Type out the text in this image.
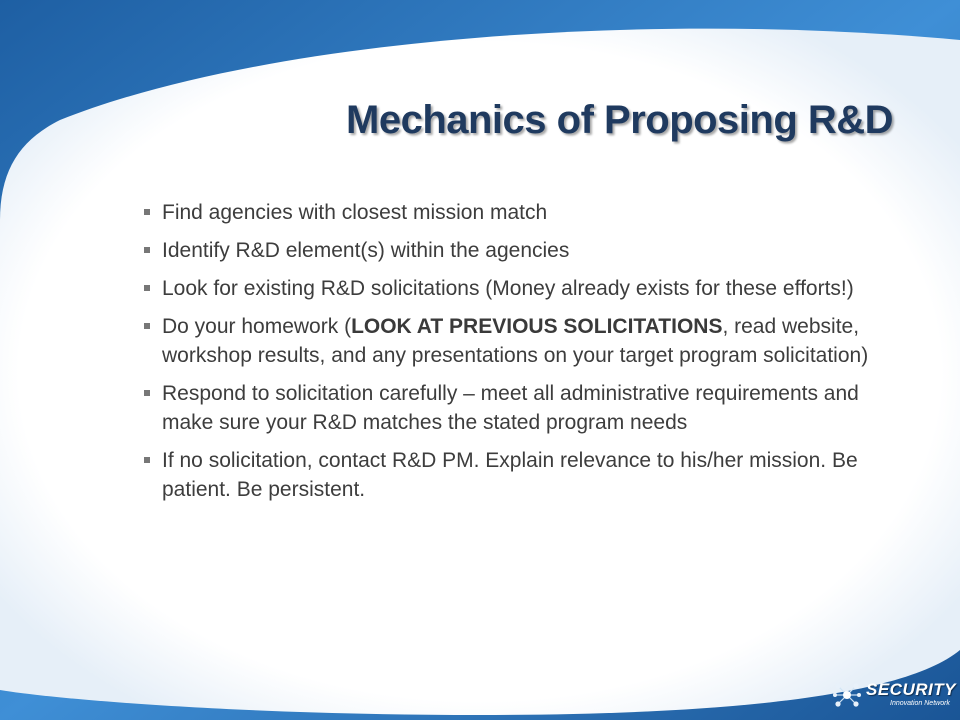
Mechanics of Proposing R&D
Find agencies with closest mission match
Identify R&D element(s) within the agencies
Look for existing R&D solicitations (Money already exists for these efforts!)
Do your homework (LOOK AT PREVIOUS SOLICITATIONS, read website, workshop results, and any presentations on your target program solicitation)
Respond to solicitation carefully – meet all administrative requirements and make sure your R&D matches the stated program needs
If no solicitation, contact R&D PM. Explain relevance to his/her mission. Be patient. Be persistent.
SECURITY
Innovation Network
